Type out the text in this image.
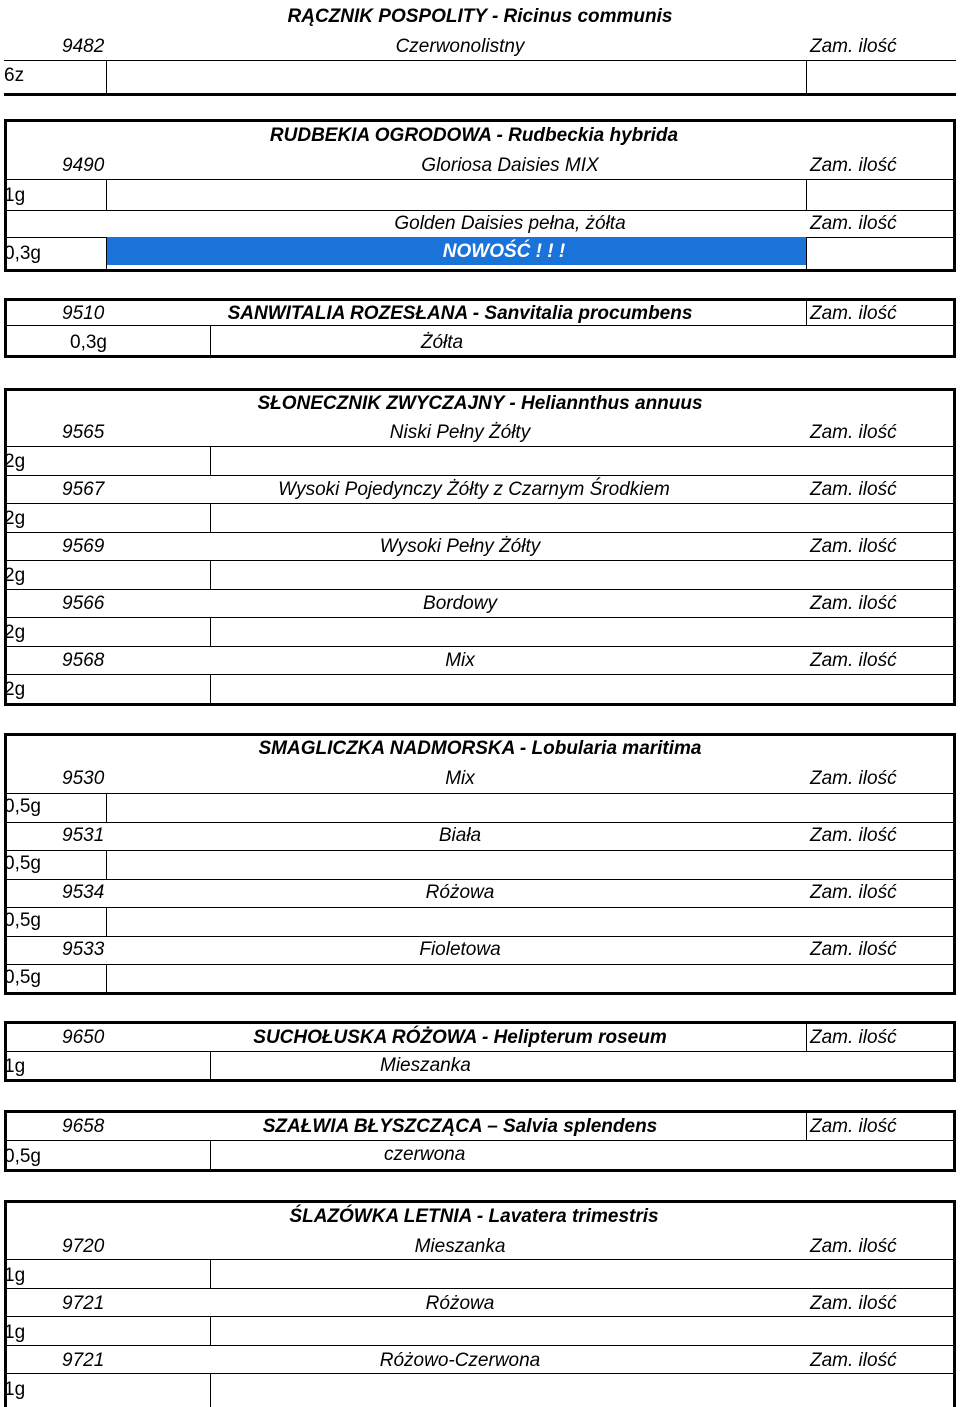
RĄCZNIK POSPOLITY - Ricinus communis
9482	Czerwonolistny	Zam. ilość
6z
RUDBEKIA OGRODOWA - Rudbeckia hybrida
9490	Gloriosa Daisies MIX	Zam. ilość
1g
Golden Daisies pełna, żółta	Zam. ilość
NOWOŚĆ ! ! !
0,3g
9510	SANWITALIA ROZESŁANA - Sanvitalia procumbens	Zam. ilość
0,3g	Żółta
SŁONECZNIK ZWYCZAJNY - Heliannthus annuus
9565	Niski Pełny Żółty	Zam. ilość
2g
9567	Wysoki Pojedynczy Żółty z Czarnym Środkiem	Zam. ilość
2g
9569	Wysoki Pełny Żółty	Zam. ilość
2g
9566	Bordowy	Zam. ilość
2g
9568	Mix	Zam. ilość
2g
SMAGLICZKA NADMORSKA - Lobularia maritima
9530	Mix	Zam. ilość
0,5g
9531	Biała	Zam. ilość
0,5g
9534	Różowa	Zam. ilość
0,5g
9533	Fioletowa	Zam. ilość
0,5g
9650	SUCHOŁUSKA RÓŻOWA - Helipterum roseum	Zam. ilość
1g	Mieszanka
9658	SZAŁWIA BŁYSZCZĄCA – Salvia splendens	Zam. ilość
0,5g	czerwona
ŚLAZÓWKA LETNIA - Lavatera trimestris
9720	Mieszanka	Zam. ilość
1g
9721	Różowa	Zam. ilość
1g
9721	Różowo-Czerwona	Zam. ilość
1g
